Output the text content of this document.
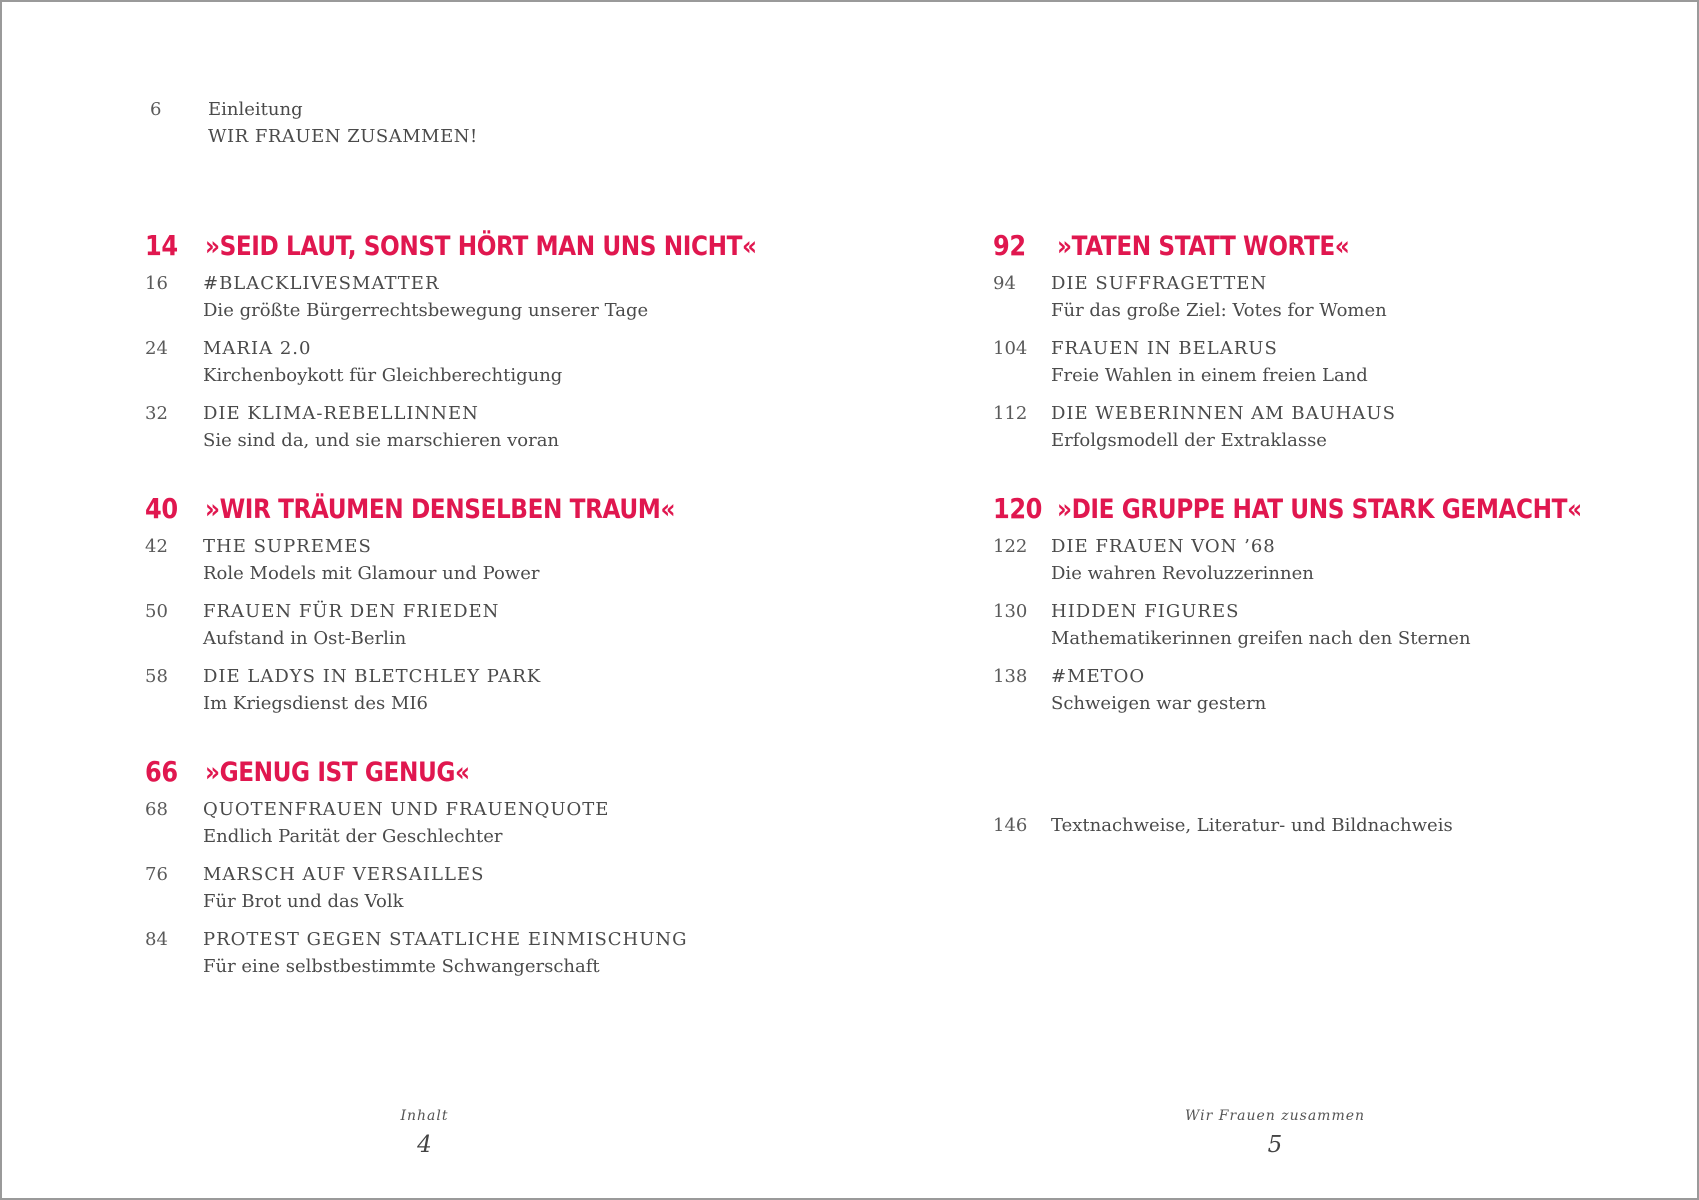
6	Einleitung
WIR FRAUEN ZUSAMMEN!
14	»SEID LAUT, SONST HÖRT MAN UNS NICHT«
16	#BLACKLIVESMATTER
Die größte Bürgerrechtsbewegung unserer Tage
24	MARIA 2.0
Kirchenboykott für Gleichberechtigung
32	DIE KLIMA-REBELLINNEN
Sie sind da, und sie marschieren voran
40	»WIR TRÄUMEN DENSELBEN TRAUM«
42	THE SUPREMES
Role Models mit Glamour und Power
50	FRAUEN FÜR DEN FRIEDEN
Aufstand in Ost-Berlin
58	DIE LADYS IN BLETCHLEY PARK
Im Kriegsdienst des MI6
66	»GENUG IST GENUG«
68	QUOTENFRAUEN UND FRAUENQUOTE
Endlich Parität der Geschlechter
76	MARSCH AUF VERSAILLES
Für Brot und das Volk
84	PROTEST GEGEN STAATLICHE EINMISCHUNG
Für eine selbstbestimmte Schwangerschaft
Inhalt
4
92	»TATEN STATT WORTE«
94	DIE SUFFRAGETTEN
Für das große Ziel: Votes for Women
104	FRAUEN IN BELARUS
Freie Wahlen in einem freien Land
112	DIE WEBERINNEN AM BAUHAUS
Erfolgsmodell der Extraklasse
120 »DIE GRUPPE HAT UNS STARK GEMACHT«
122	DIE FRAUEN VON ’68
Die wahren Revoluzzerinnen
130	HIDDEN FIGURES
Mathematikerinnen greifen nach den Sternen
138	#METOO
Schweigen war gestern
146	Textnachweise, Literatur- und Bildnachweis
Wir Frauen zusammen
5
